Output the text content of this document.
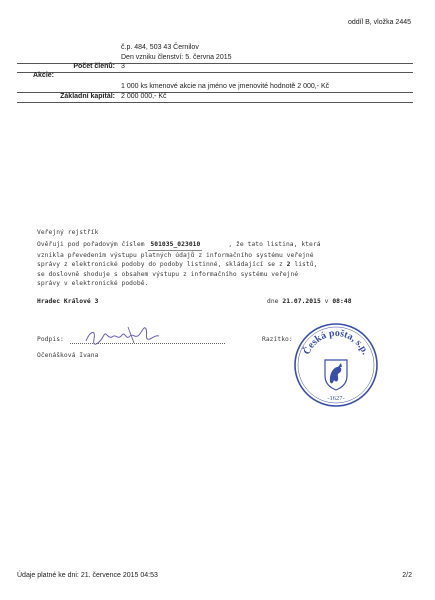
oddíl B, vložka 2445
č.p. 484, 503 43 Černilov
Den vzniku členství: 5. června 2015
Počet členů: 3
Akcie:
1 000 ks kmenové akcie na jméno ve jmenovité hodnotě 2 000,- Kč
Základní kapitál: 2 000 000,- Kč
Veřejný rejstřík
Ověřuji pod pořadovým číslem 501035_023010	, že tato listina, která
vznikla převedením výstupu platných údajů z informačního systému veřejné
správy z elektronické podoby do podoby listinné, skládající se z 2 listů,
se doslovně shoduje s obsahem výstupu z informačního systému veřejné
správy v elektronické podobě.
Hradec Králové 3	dne 21.07.2015 v 08:48
Podpis:	Razítko:
Očenášková Ivana	Česká pošta, s.p.
-1627-
Údaje platné ke dni: 21. července 2015 04:53	2/2
